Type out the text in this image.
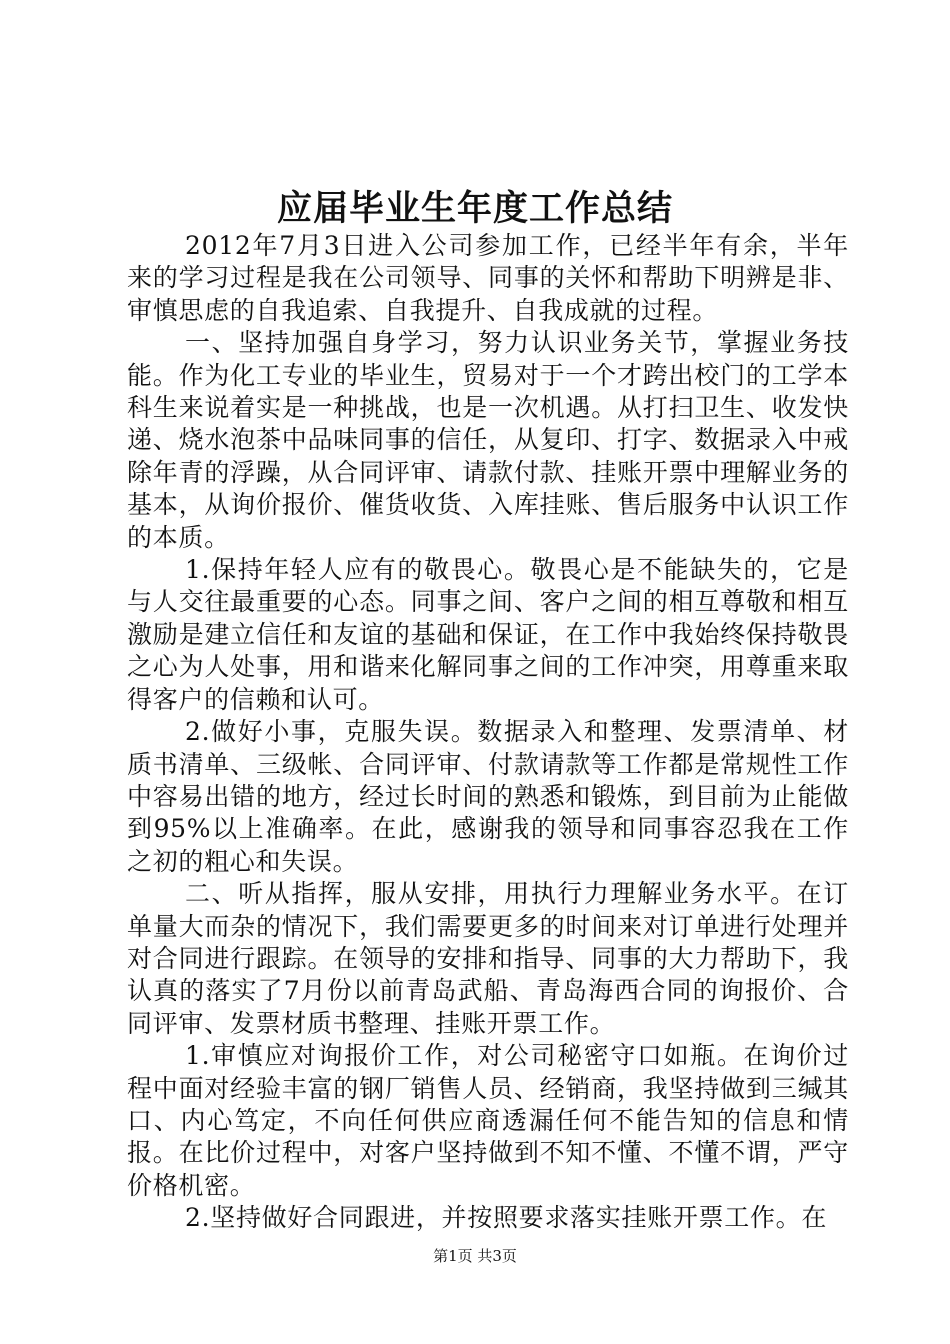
应届毕业生年度工作总结

2012年7月3日进入公司参加工作，已经半年有余，半年来的学习过程是我在公司领导、同事的关怀和帮助下明辨是非、审慎思虑的自我追索、自我提升、自我成就的过程。

一、坚持加强自身学习，努力认识业务关节，掌握业务技能。作为化工专业的毕业生，贸易对于一个才跨出校门的工学本科生来说着实是一种挑战，也是一次机遇。从打扫卫生、收发快递、烧水泡茶中品味同事的信任，从复印、打字、数据录入中戒除年青的浮躁，从合同评审、请款付款、挂账开票中理解业务的基本，从询价报价、催货收货、入库挂账、售后服务中认识工作的本质。

1.保持年轻人应有的敬畏心。敬畏心是不能缺失的，它是与人交往最重要的心态。同事之间、客户之间的相互尊敬和相互激励是建立信任和友谊的基础和保证，在工作中我始终保持敬畏之心为人处事，用和谐来化解同事之间的工作冲突，用尊重来取得客户的信赖和认可。

2.做好小事，克服失误。数据录入和整理、发票清单、材质书清单、三级帐、合同评审、付款请款等工作都是常规性工作中容易出错的地方，经过长时间的熟悉和锻炼，到目前为止能做到95%以上准确率。在此，感谢我的领导和同事容忍我在工作之初的粗心和失误。

二、听从指挥，服从安排，用执行力理解业务水平。在订单量大而杂的情况下，我们需要更多的时间来对订单进行处理并对合同进行跟踪。在领导的安排和指导、同事的大力帮助下，我认真的落实了7月份以前青岛武船、青岛海西合同的询报价、合同评审、发票材质书整理、挂账开票工作。

1.审慎应对询报价工作，对公司秘密守口如瓶。在询价过程中面对经验丰富的钢厂销售人员、经销商，我坚持做到三缄其口、内心笃定，不向任何供应商透漏任何不能告知的信息和情报。在比价过程中，对客户坚持做到不知不懂、不懂不谓，严守价格机密。

2.坚持做好合同跟进，并按照要求落实挂账开票工作。在

第1页 共3页
